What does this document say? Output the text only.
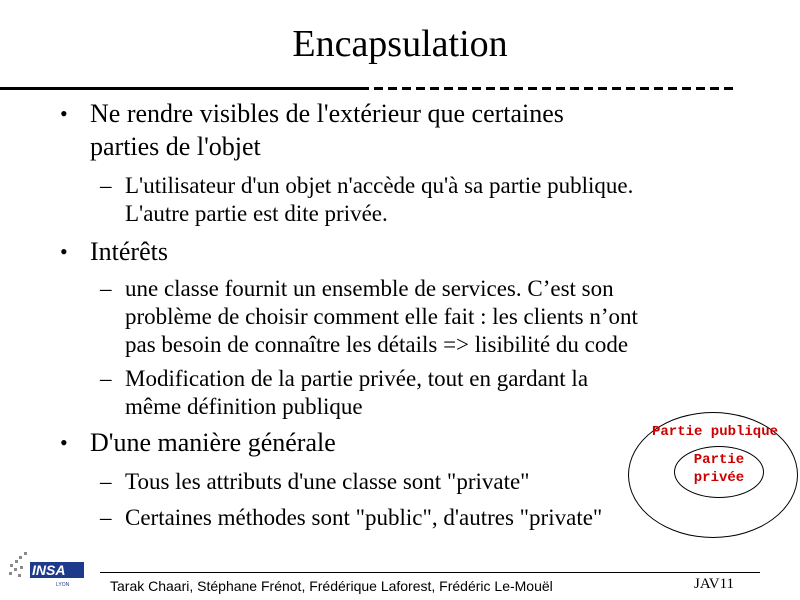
Encapsulation
• Ne rendre visibles de l'extérieur que certaines
parties de l'objet
– L'utilisateur d'un objet n'accède qu'à sa partie publique.
L'autre partie est dite privée.
• Intérêts
– une classe fournit un ensemble de services. C’est son
problème de choisir comment elle fait : les clients n’ont
pas besoin de connaître les détails => lisibilité du code
– Modification de la partie privée, tout en gardant la
même définition publique
• D'une manière générale
– Tous les attributs d'une classe sont "private"
– Certaines méthodes sont "public", d'autres "private"
Partie publique
Partie
privée
INSA
LYON	Tarak Chaari, Stéphane Frénot, Frédérique Laforest, Frédéric Le-Mouël	JAV11
